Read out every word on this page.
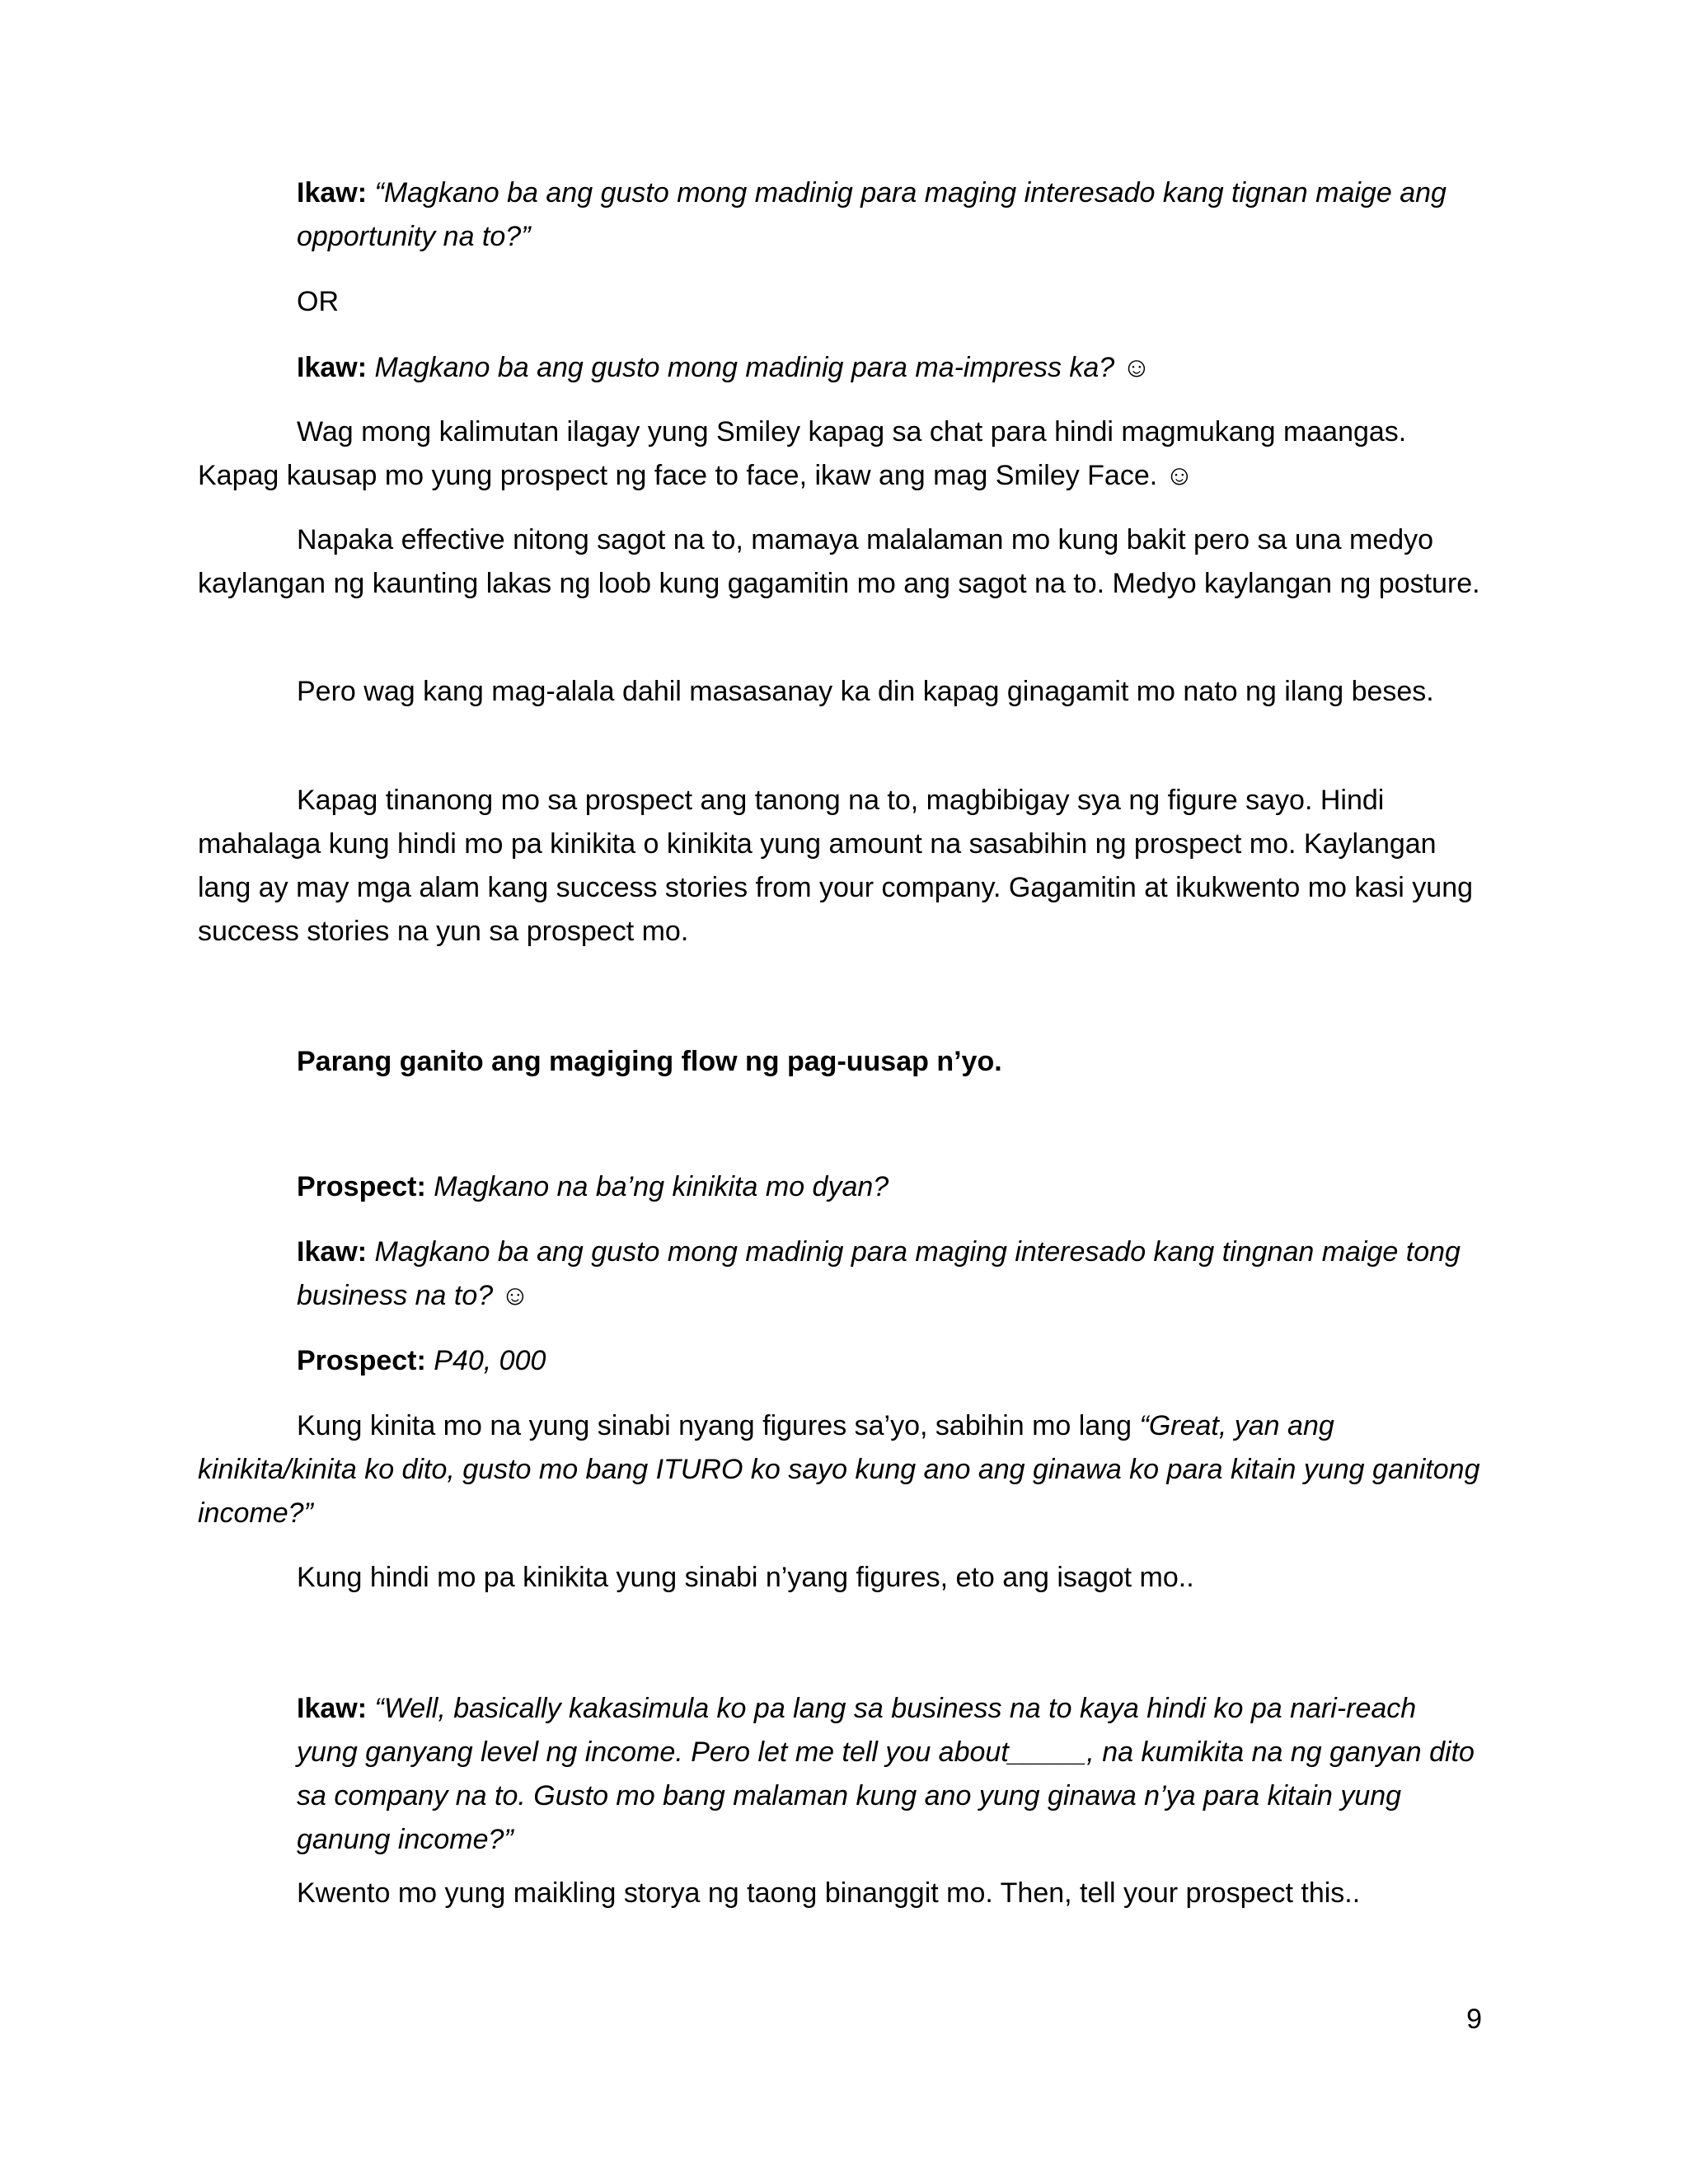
Ikaw: “Magkano ba ang gusto mong madinig para maging interesado kang tignan maige ang opportunity na to?”
OR
Ikaw: Magkano ba ang gusto mong madinig para ma-impress ka? ☺
Wag mong kalimutan ilagay yung Smiley kapag sa chat para hindi magmukang maangas. Kapag kausap mo yung prospect ng face to face, ikaw ang mag Smiley Face. ☺
Napaka effective nitong sagot na to, mamaya malalaman mo kung bakit pero sa una medyo kaylangan ng kaunting lakas ng loob kung gagamitin mo ang sagot na to. Medyo kaylangan ng posture.
Pero wag kang mag-alala dahil masasanay ka din kapag ginagamit mo nato ng ilang beses.
Kapag tinanong mo sa prospect ang tanong na to, magbibigay sya ng figure sayo. Hindi mahalaga kung hindi mo pa kinikita o kinikita yung amount na sasabihin ng prospect mo. Kaylangan lang ay may mga alam kang success stories from your company. Gagamitin at ikukwento mo kasi yung success stories na yun sa prospect mo.
Parang ganito ang magiging flow ng pag-uusap n’yo.
Prospect: Magkano na ba’ng kinikita mo dyan?
Ikaw: Magkano ba ang gusto mong madinig para maging interesado kang tingnan maige tong business na to? ☺
Prospect: P40, 000
Kung kinita mo na yung sinabi nyang figures sa’yo, sabihin mo lang “Great, yan ang kinikita/kinita ko dito, gusto mo bang ITURO ko sayo kung ano ang ginawa ko para kitain yung ganitong income?”
Kung hindi mo pa kinikita yung sinabi n’yang figures, eto ang isagot mo..
Ikaw: “Well, basically kakasimula ko pa lang sa business na to kaya hindi ko pa nari-reach yung ganyang level ng income. Pero let me tell you about_____, na kumikita na ng ganyan dito sa company na to. Gusto mo bang malaman kung ano yung ginawa n’ya para kitain yung ganung income?”
Kwento mo yung maikling storya ng taong binanggit mo. Then, tell your prospect this..
9
